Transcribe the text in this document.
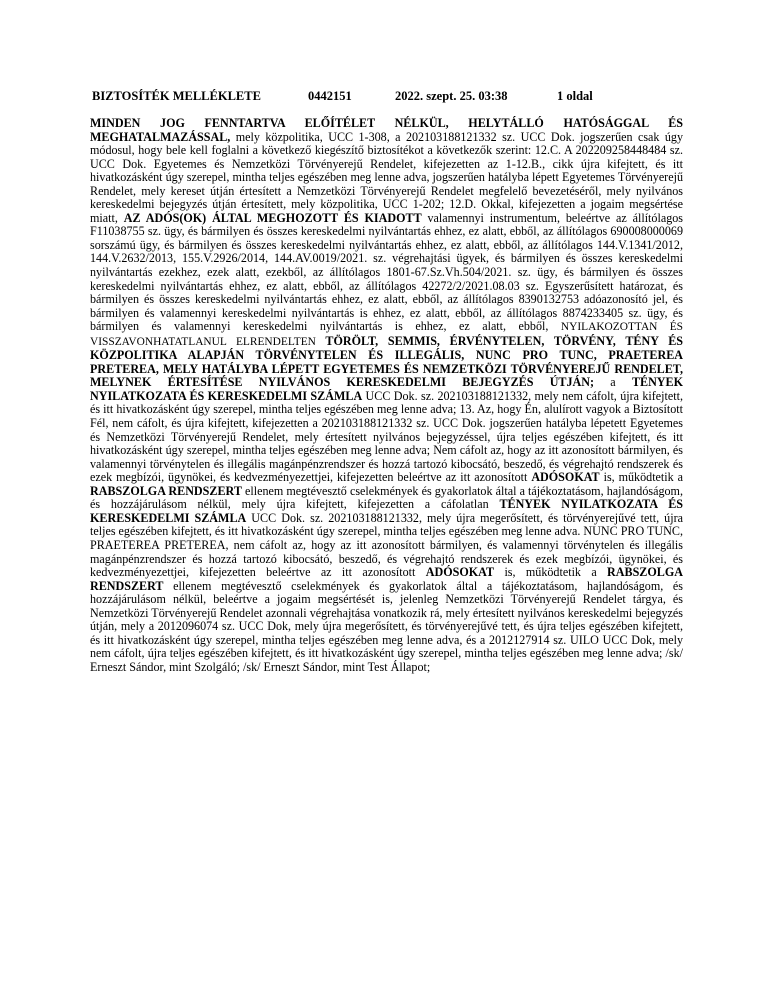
BIZTOSÍTÉK MELLÉKLETE	0442151	2022. szept. 25. 03:38	1 oldal

MINDEN JOG FENNTARTVA ELŐÍTÉLET NÉLKÜL, HELYTÁLLÓ HATÓSÁGGAL ÉS MEGHATALMAZÁSSAL, mely közpolitika, UCC 1-308, a 202103188121332 sz. UCC Dok. jogszerűen csak úgy módosul, hogy bele kell foglalni a következő kiegészítő biztosítékot a következők szerint: 12.C. A 202209258448484 sz. UCC Dok. Egyetemes és Nemzetközi Törvényerejű Rendelet, kifejezetten az 1-12.B., cikk újra kifejtett, és itt hivatkozásként úgy szerepel, mintha teljes egészében meg lenne adva, jogszerűen hatályba lépett Egyetemes Törvényerejű Rendelet, mely kereset útján értesített a Nemzetközi Törvényerejű Rendelet megfelelő bevezetéséről, mely nyilvános kereskedelmi bejegyzés útján értesített, mely közpolitika, UCC 1-202; 12.D. Okkal, kifejezetten a jogaim megsértése miatt, AZ ADÓS(OK) ÁLTAL MEGHOZOTT ÉS KIADOTT valamennyi instrumentum, beleértve az állítólagos F11038755 sz. ügy, és bármilyen és összes kereskedelmi nyilvántartás ehhez, ez alatt, ebből, az állítólagos 690008000069 sorszámú ügy, és bármilyen és összes kereskedelmi nyilvántartás ehhez, ez alatt, ebből, az állítólagos 144.V.1341/2012, 144.V.2632/2013, 155.V.2926/2014, 144.AV.0019/2021. sz. végrehajtási ügyek, és bármilyen és összes kereskedelmi nyilvántartás ezekhez, ezek alatt, ezekből, az állítólagos 1801-67.Sz.Vh.504/2021. sz. ügy, és bármilyen és összes kereskedelmi nyilvántartás ehhez, ez alatt, ebből, az állítólagos 42272/2/2021.08.03 sz. Egyszerűsített határozat, és bármilyen és összes kereskedelmi nyilvántartás ehhez, ez alatt, ebből, az állítólagos 8390132753 adóazonosító jel, és bármilyen és valamennyi kereskedelmi nyilvántartás is ehhez, ez alatt, ebből, az állítólagos 8874233405 sz. ügy, és bármilyen és valamennyi kereskedelmi nyilvántartás is ehhez, ez alatt, ebből, NYILAKOZOTTAN ÉS VISSZAVONHATATLANUL ELRENDELTEN TÖRÖLT, SEMMIS, ÉRVÉNYTELEN, TÖRVÉNY, TÉNY ÉS KÖZPOLITIKA ALAPJÁN TÖRVÉNYTELEN ÉS ILLEGÁLIS, NUNC PRO TUNC, PRAETEREA PRETEREA, MELY HATÁLYBA LÉPETT EGYETEMES ÉS NEMZETKÖZI TÖRVÉNYEREJŰ RENDELET, MELYNEK ÉRTESÍTÉSE NYILVÁNOS KERESKEDELMI BEJEGYZÉS ÚTJÁN; a TÉNYEK NYILATKOZATA ÉS KERESKEDELMI SZÁMLA UCC Dok. sz. 202103188121332, mely nem cáfolt, újra kifejtett, és itt hivatkozásként úgy szerepel, mintha teljes egészében meg lenne adva; 13. Az, hogy Én, alulírott vagyok a Biztosított Fél, nem cáfolt, és újra kifejtett, kifejezetten a 202103188121332 sz. UCC Dok. jogszerűen hatályba lépetett Egyetemes és Nemzetközi Törvényerejű Rendelet, mely értesített nyilvános bejegyzéssel, újra teljes egészében kifejtett, és itt hivatkozásként úgy szerepel, mintha teljes egészében meg lenne adva; Nem cáfolt az, hogy az itt azonosított bármilyen, és valamennyi törvénytelen és illegális magánpénzrendszer és hozzá tartozó kibocsátó, beszedő, és végrehajtó rendszerek és ezek megbízói, ügynökei, és kedvezményezettjei, kifejezetten beleértve az itt azonosított ADÓSOKAT is, működtetik a RABSZOLGA RENDSZERT ellenem megtévesztő cselekmények és gyakorlatok által a tájékoztatásom, hajlandóságom, és hozzájárulásom nélkül, mely újra kifejtett, kifejezetten a cáfolatlan TÉNYEK NYILATKOZATA ÉS KERESKEDELMI SZÁMLA UCC Dok. sz. 202103188121332, mely újra megerősített, és törvényerejűvé tett, újra teljes egészében kifejtett, és itt hivatkozásként úgy szerepel, mintha teljes egészében meg lenne adva. NUNC PRO TUNC, PRAETEREA PRETEREA, nem cáfolt az, hogy az itt azonosított bármilyen, és valamennyi törvénytelen és illegális magánpénzrendszer és hozzá tartozó kibocsátó, beszedő, és végrehajtó rendszerek és ezek megbízói, ügynökei, és kedvezményezettjei, kifejezetten beleértve az itt azonosított ADÓSOKAT is, működtetik a RABSZOLGA RENDSZERT ellenem megtévesztő cselekmények és gyakorlatok által a tájékoztatásom, hajlandóságom, és hozzájárulásom nélkül, beleértve a jogaim megsértését is, jelenleg Nemzetközi Törvényerejű Rendelet tárgya, és Nemzetközi Törvényerejű Rendelet azonnali végrehajtása vonatkozik rá, mely értesített nyilvános kereskedelmi bejegyzés útján, mely a 2012096074 sz. UCC Dok, mely újra megerősített, és törvényerejűvé tett, és újra teljes egészében kifejtett, és itt hivatkozásként úgy szerepel, mintha teljes egészében meg lenne adva, és a 2012127914 sz. UILO UCC Dok, mely nem cáfolt, újra teljes egészében kifejtett, és itt hivatkozásként úgy szerepel, mintha teljes egészében meg lenne adva; /sk/ Erneszt Sándor, mint Szolgáló; /sk/ Erneszt Sándor, mint Test Állapot;
